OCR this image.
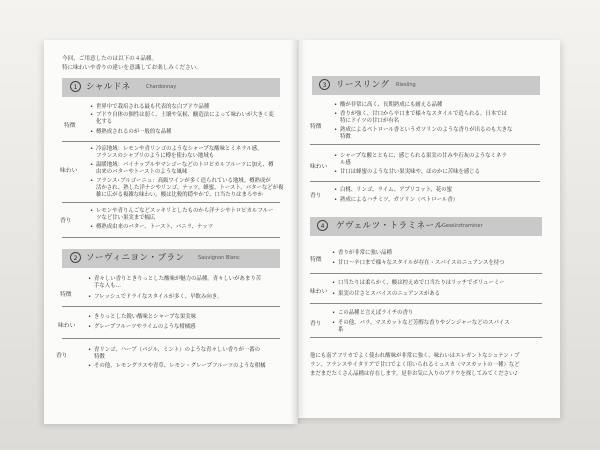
今回、ご用意したのは以下の４品種。
特に味わいや香りの違いを意識してお楽しみください。
1	シャルドネ	Chardonnay
特徴
• 世界中で栽培される最も代表的な白ブドウ品種
• ブドウ自体の個性は弱く、土壌や気候、醸造法によって味わいが大きく変
化する
• 樽熟成されるのが一般的な品種
味わい
• 冷涼地域：レモンや青リンゴのようなシャープな酸味とミネラル感。
フランスのシャブリのように樽を使わない地域も
• 温暖地域：パイナップルやマンゴーなどのトロピカルフルーツに加え、樽
由来のバターやトーストのような風味
• フランス･ブルゴーニュ：高級ワインが多く造られている地域。樽熟成が
活かされ、熟した洋ナシやリンゴ、ナッツ、蜂蜜、トースト、バターなどが複
雑に広がる複雑な味わい。酸は比較的穏やかで、口当たりはまろやか
香り
• レモンや青りんごなどスッキリとしたものから洋ナシやトロピカルフルー
ツなど甘い果実まで幅広
• 樽熟成由来のバター、トースト、バニラ、ナッツ
2	ソーヴィニヨン・ブラン	Sauvignon Blanc
特徴
• 青々しい香りときりっとした酸味が魅力の品種。青々しいがあまり苦
手な人も…
• フレッシュでドライなスタイルが多く、早飲み向き。
味わい
• きりっとした鋭い酸味とシャープな果実味
• グレープフルーツやライムのような柑橘感
香り
• 青リンゴ、ハーブ（バジル、ミント）のような青々しい香りが一番の
特徴
• その他、レモングラスや青草、レモン・グレープフルーツのような柑橘
3	リースリング Riesling
特徴
• 酸が非常に高く、長期熟成にも耐える品種
• 香りが強く、甘口から辛口まで様々なスタイルで造られる。日本では
特にドイツの甘口が有名
• 熟成によるペトロール香というガソリンのような香りが出るのも大きな
特徴
味わい
• シャープな酸とともに、感じられる果実の甘みや石灰のようなミネラ
ル感
• 甘口は蜂蜜のような甘い果実味や、ほのかに苦味を感じる
香り
• 白桃、リンゴ、ライム、アプリコット、花の蜜
• 熟成によるハチミツ、ガソリン（ペトロール香）
4	ゲヴェルツ・トラミネール
Gewürztraminer
特徴
• 香りが非常に強い品種
• 甘口〜辛口まで様々なスタイルが存在・スパイスのニュアンスを持つ
味わい
• 口当たりは柔らかく、酸は控えめで口当たりはリッチでボリューミー
• 果実の甘さとスパイスのニュアンスがある
香り
• この品種と言えばライチの香り
• その他、バラ、マスカットなど芳醇な香りやジンジャーなどのスパイス
系
他にも南アフリカでよく使われ酸味が非常に強く、味わいはエレガントなシュナン・ブ
ラン、フランスやイタリアで甘口でよく用いられるミュスカ（マスカットの一種）など
まだまだたくさん品種は存在します。是非お気に入りのブドウを探してみてください♪
